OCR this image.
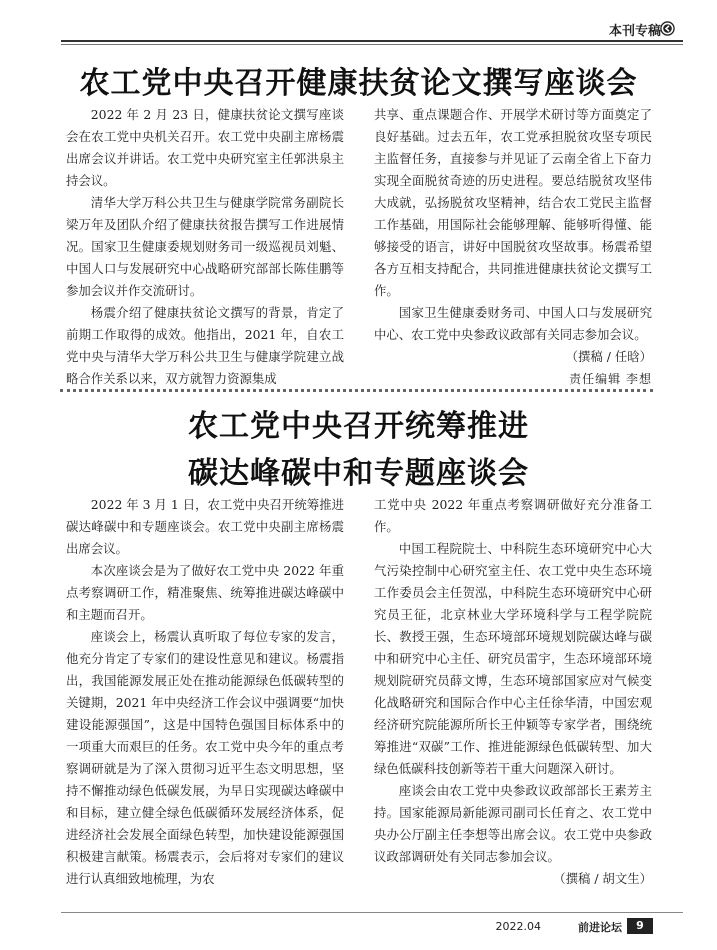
本刊专稿
农工党中央召开健康扶贫论文撰写座谈会

2022 年 2 月 23 日，健康扶贫论文撰写座谈会在农工党中央机关召开。农工党中央副主席杨震出席会议并讲话。农工党中央研究室主任郭洪泉主持会议。

清华大学万科公共卫生与健康学院常务副院长梁万年及团队介绍了健康扶贫报告撰写工作进展情况。国家卫生健康委规划财务司一级巡视员刘魁、中国人口与发展研究中心战略研究部部长陈佳鹏等参加会议并作交流研讨。

杨震介绍了健康扶贫论文撰写的背景，肯定了前期工作取得的成效。他指出，2021 年，自农工党中央与清华大学万科公共卫生与健康学院建立战略合作关系以来，双方就智力资源集成

共享、重点课题合作、开展学术研讨等方面奠定了良好基础。过去五年，农工党承担脱贫攻坚专项民主监督任务，直接参与并见证了云南全省上下奋力实现全面脱贫奇迹的历史进程。要总结脱贫攻坚伟大成就，弘扬脱贫攻坚精神，结合农工党民主监督工作基础，用国际社会能够理解、能够听得懂、能够接受的语言，讲好中国脱贫攻坚故事。杨震希望各方互相支持配合，共同推进健康扶贫论文撰写工作。

国家卫生健康委财务司、中国人口与发展研究中心、农工党中央参政议政部有关同志参加会议。

（撰稿 / 任晗）

责任编辑 李想

农工党中央召开统筹推进
碳达峰碳中和专题座谈会

2022 年 3 月 1 日，农工党中央召开统筹推进碳达峰碳中和专题座谈会。农工党中央副主席杨震出席会议。

本次座谈会是为了做好农工党中央 2022 年重点考察调研工作，精准聚焦、统筹推进碳达峰碳中和主题而召开。

座谈会上，杨震认真听取了每位专家的发言，他充分肯定了专家们的建设性意见和建议。杨震指出，我国能源发展正处在推动能源绿色低碳转型的关键期，2021 年中央经济工作会议中强调要“加快建设能源强国”，这是中国特色强国目标体系中的一项重大而艰巨的任务。农工党中央今年的重点考察调研就是为了深入贯彻习近平生态文明思想，坚持不懈推动绿色低碳发展，为早日实现碳达峰碳中和目标，建立健全绿色低碳循环发展经济体系，促进经济社会发展全面绿色转型，加快建设能源强国积极建言献策。杨震表示，会后将对专家们的建议进行认真细致地梳理，为农

工党中央 2022 年重点考察调研做好充分准备工作。

中国工程院院士、中科院生态环境研究中心大气污染控制中心研究室主任、农工党中央生态环境工作委员会主任贺泓，中科院生态环境研究中心研究员王征，北京林业大学环境科学与工程学院院长、教授王强，生态环境部环境规划院碳达峰与碳中和研究中心主任、研究员雷宇，生态环境部环境规划院研究员薛文博，生态环境部国家应对气候变化战略研究和国际合作中心主任徐华清，中国宏观经济研究院能源所所长王仲颖等专家学者，围绕统筹推进“双碳”工作、推进能源绿色低碳转型、加大绿色低碳科技创新等若干重大问题深入研讨。

座谈会由农工党中央参政议政部部长王素芳主持。国家能源局新能源司副司长任育之、农工党中央办公厅副主任李想等出席会议。农工党中央参政议政部调研处有关同志参加会议。

（撰稿 / 胡文生）

2022.04	前进论坛	9
